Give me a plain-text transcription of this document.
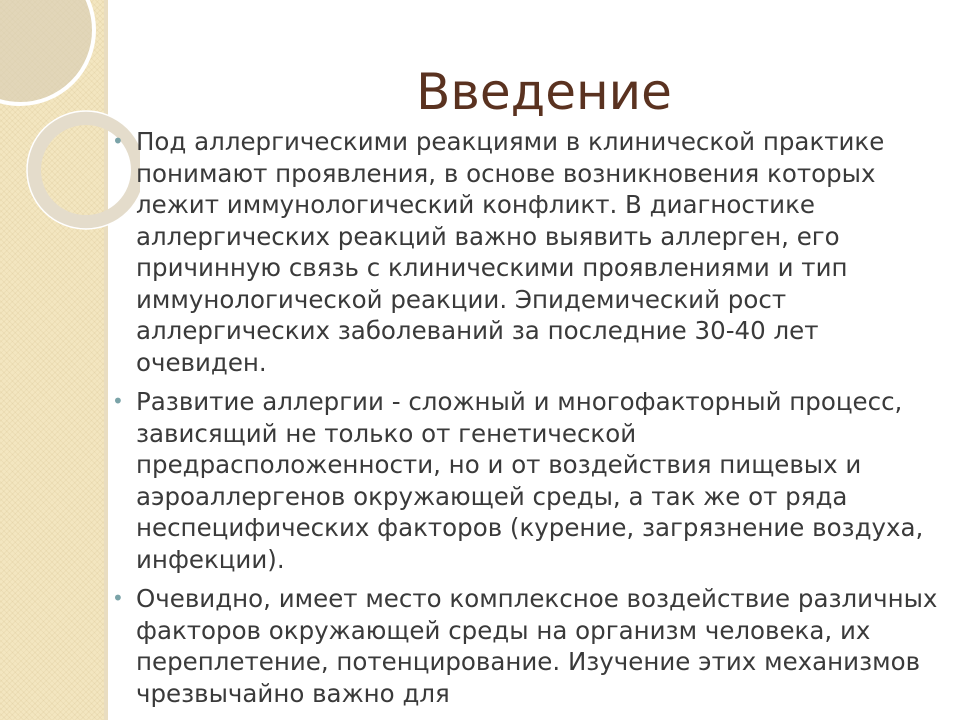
Введение
• Под аллергическими реакциями в клинической практике понимают проявления, в основе возникновения которых лежит иммунологический конфликт. В диагностике аллергических реакций важно выявить аллерген, его причинную связь с клиническими проявлениями и тип иммунологической реакции. Эпидемический рост аллергических заболеваний за последние 30-40 лет очевиден.
• Развитие аллергии - сложный и многофакторный процесс, зависящий не только от генетической предрасположенности, но и от воздействия пищевых и аэроаллергенов окружающей среды, а так же от ряда неспецифических факторов (курение, загрязнение воздуха, инфекции).
• Очевидно, имеет место комплексное воздействие различных факторов окружающей среды на организм человека, их переплетение, потенцирование. Изучение этих механизмов чрезвычайно важно для
